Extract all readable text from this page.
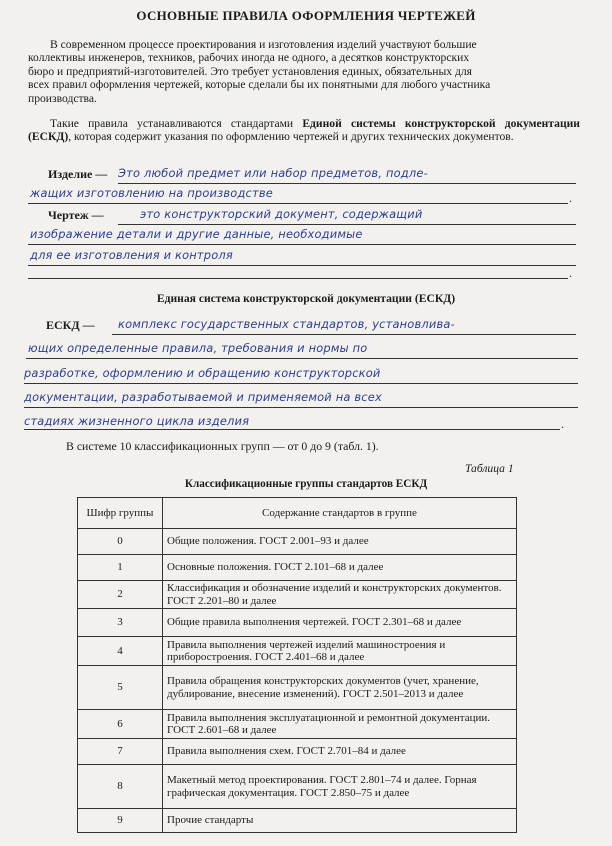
ОСНОВНЫЕ ПРАВИЛА ОФОРМЛЕНИЯ ЧЕРТЕЖЕЙ
В современном процессе проектирования и изготовления изделий участвуют большие
коллективы инженеров, техников, рабочих иногда не одного, а десятков конструкторских
бюро и предприятий-изготовителей. Это требует установления единых, обязательных для
всех правил оформления чертежей, которые сделали бы их понятными для любого участника
производства.
Такие правила устанавливаются стандартами Единой системы конструкторской документации (ЕСКД), которая содержит указания по оформлению чертежей и других технических документов.
Изделие — Это любой предмет или набор предметов, подле-
жащих изготовлению на производстве	.
Чертеж —	это конструкторский документ, содержащий
изображение детали и другие данные, необходимые
для ее изготовления и контроля
.
Единая система конструкторской документации (ЕСКД)
ЕСКД — комплекс государственных стандартов, установлива-
ющих определенные правила, требования и нормы по
разработке, оформлению и обращению конструкторской
документации, разработываемой и применяемой на всех
стадиях жизненного цикла изделия	.
В системе 10 классификационных групп — от 0 до 9 (табл. 1).
Таблица 1
Классификационные группы стандартов ЕСКД
Шифр группы	Содержание стандартов в группе
0	Общие положения. ГОСТ 2.001–93 и далее
1	Основные положения. ГОСТ 2.101–68 и далее
2	Классификация и обозначение изделий и конструкторских документов. ГОСТ 2.201–80 и далее
3	Общие правила выполнения чертежей. ГОСТ 2.301–68 и далее
4	Правила выполнения чертежей изделий машиностроения и приборостроения. ГОСТ 2.401–68 и далее
5	Правила обращения конструкторских документов (учет, хранение, дублирование, внесение изменений). ГОСТ 2.501–2013 и далее
6	Правила выполнения эксплуатационной и ремонтной документации. ГОСТ 2.601–68 и далее
7	Правила выполнения схем. ГОСТ 2.701–84 и далее
8	Макетный метод проектирования. ГОСТ 2.801–74 и далее. Горная графическая документация. ГОСТ 2.850–75 и далее
9	Прочие стандарты
